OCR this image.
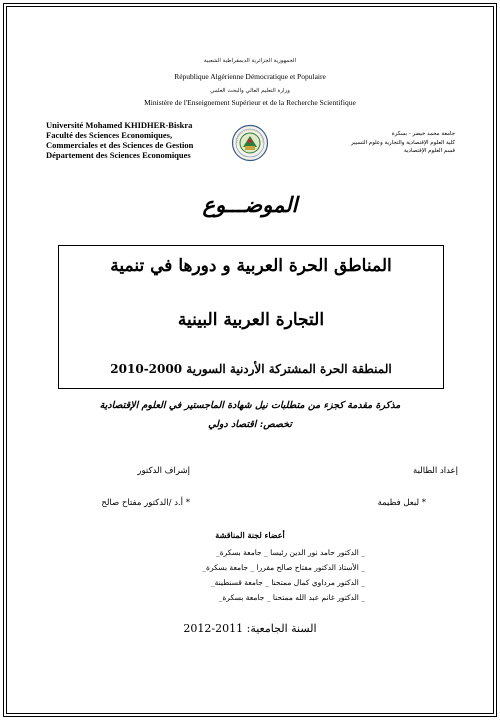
الجمهورية الجزائرية الديمقراطية الشعبية
République Algérienne Démocratique et Populaire
وزارة التعليم العالي والبحث العلمي
Ministère de l'Enseignement Supérieur et de la Recherche Scientifique
Université Mohamed KHIDHER-Biskra
Faculté des Sciences Economiques,
Commerciales et des Sciences de Gestion
Département des Sciences Economiques
جامعة محمد خيضر - بسكرة
كلية العلوم الإقتصادية والتجارية وعلوم التسيير
قسم العلوم الإقتصادية
الموضـــوع
المناطق الحرة العربية و دورها في تنمية
التجارة العربية البينية
المنطقة الحرة المشتركة الأردنية السورية 2000-2010
مذكرة مقدمة كجزء من متطلبات نيل شهادة الماجستير في العلوم الإقتصادية
تخصص: اقتصاد دولي
إعداد الطالبة
إشراف الدكتور
* لبعل فطيمة
* أ.د /الدكتور مفتاح صالح
أعضاء لجنة المناقشة
_ الدكتور حامد نور الدين رئيسا _ جامعة بسكرة_
_ الأستاذ الدكتور مفتاح صالح مقررا _ جامعة بسكرة_
_ الدكتور مرداوي كمال ممتحنا _ جامعة قسنطينة_
_ الدكتور غانم عبد الله ممتحنا _ جامعة بسكرة_
السنة الجامعية: 2011-2012
